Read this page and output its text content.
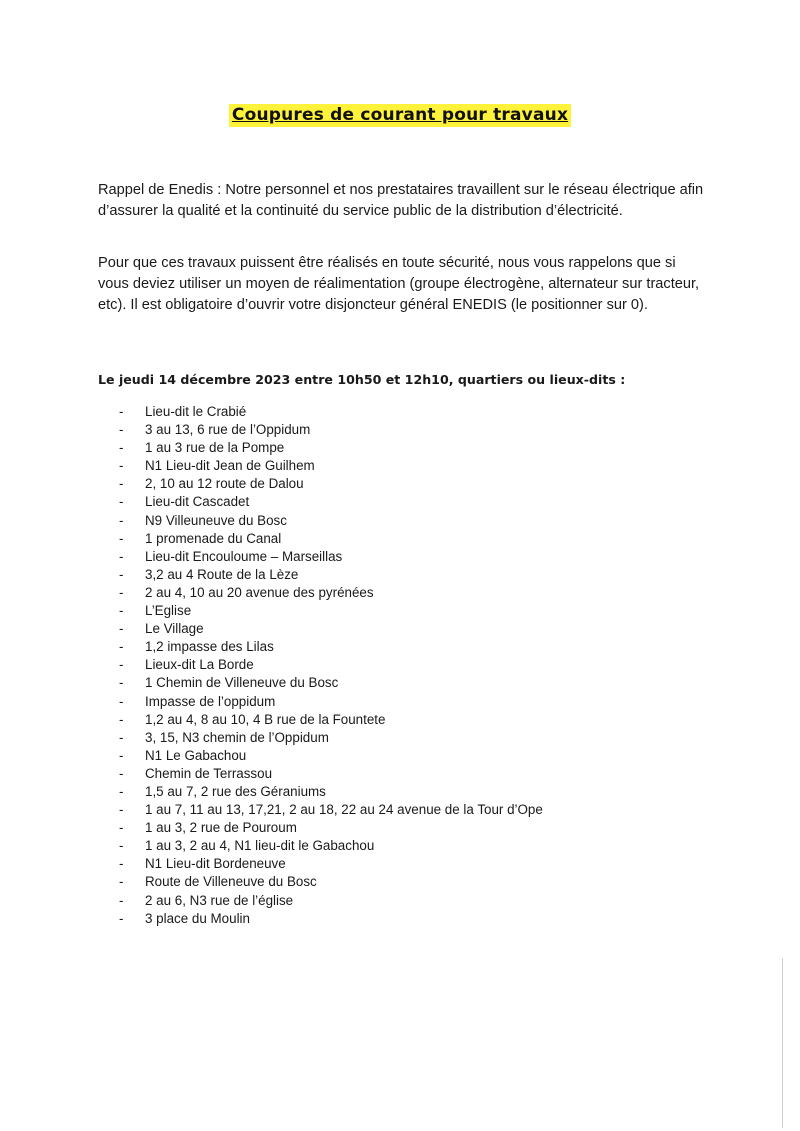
Coupures de courant pour travaux

Rappel de Enedis : Notre personnel et nos prestataires travaillent sur le réseau électrique afin d’assurer la qualité et la continuité du service public de la distribution d’électricité.

Pour que ces travaux puissent être réalisés en toute sécurité, nous vous rappelons que si vous deviez utiliser un moyen de réalimentation (groupe électrogène, alternateur sur tracteur, etc). Il est obligatoire d’ouvrir votre disjoncteur général ENEDIS (le positionner sur 0).

Le jeudi 14 décembre 2023 entre 10h50 et 12h10, quartiers ou lieux-dits :

- Lieu-dit le Crabié
- 3 au 13, 6 rue de l’Oppidum
- 1 au 3 rue de la Pompe
- N1 Lieu-dit Jean de Guilhem
- 2, 10 au 12 route de Dalou
- Lieu-dit Cascadet
- N9 Villeuneuve du Bosc
- 1 promenade du Canal
- Lieu-dit Encouloume – Marseillas
- 3,2 au 4 Route de la Lèze
- 2 au 4, 10 au 20 avenue des pyrénées
- L’Eglise
- Le Village
- 1,2 impasse des Lilas
- Lieux-dit La Borde
- 1 Chemin de Villeneuve du Bosc
- Impasse de l’oppidum
- 1,2 au 4, 8 au 10, 4 B rue de la Fountete
- 3, 15, N3 chemin de l’Oppidum
- N1 Le Gabachou
- Chemin de Terrassou
- 1,5 au 7, 2 rue des Géraniums
- 1 au 7, 11 au 13, 17,21, 2 au 18, 22 au 24 avenue de la Tour d’Ope
- 1 au 3, 2 rue de Pouroum
- 1 au 3, 2 au 4, N1 lieu-dit le Gabachou
- N1 Lieu-dit Bordeneuve
- Route de Villeneuve du Bosc
- 2 au 6, N3 rue de l’église
- 3 place du Moulin
